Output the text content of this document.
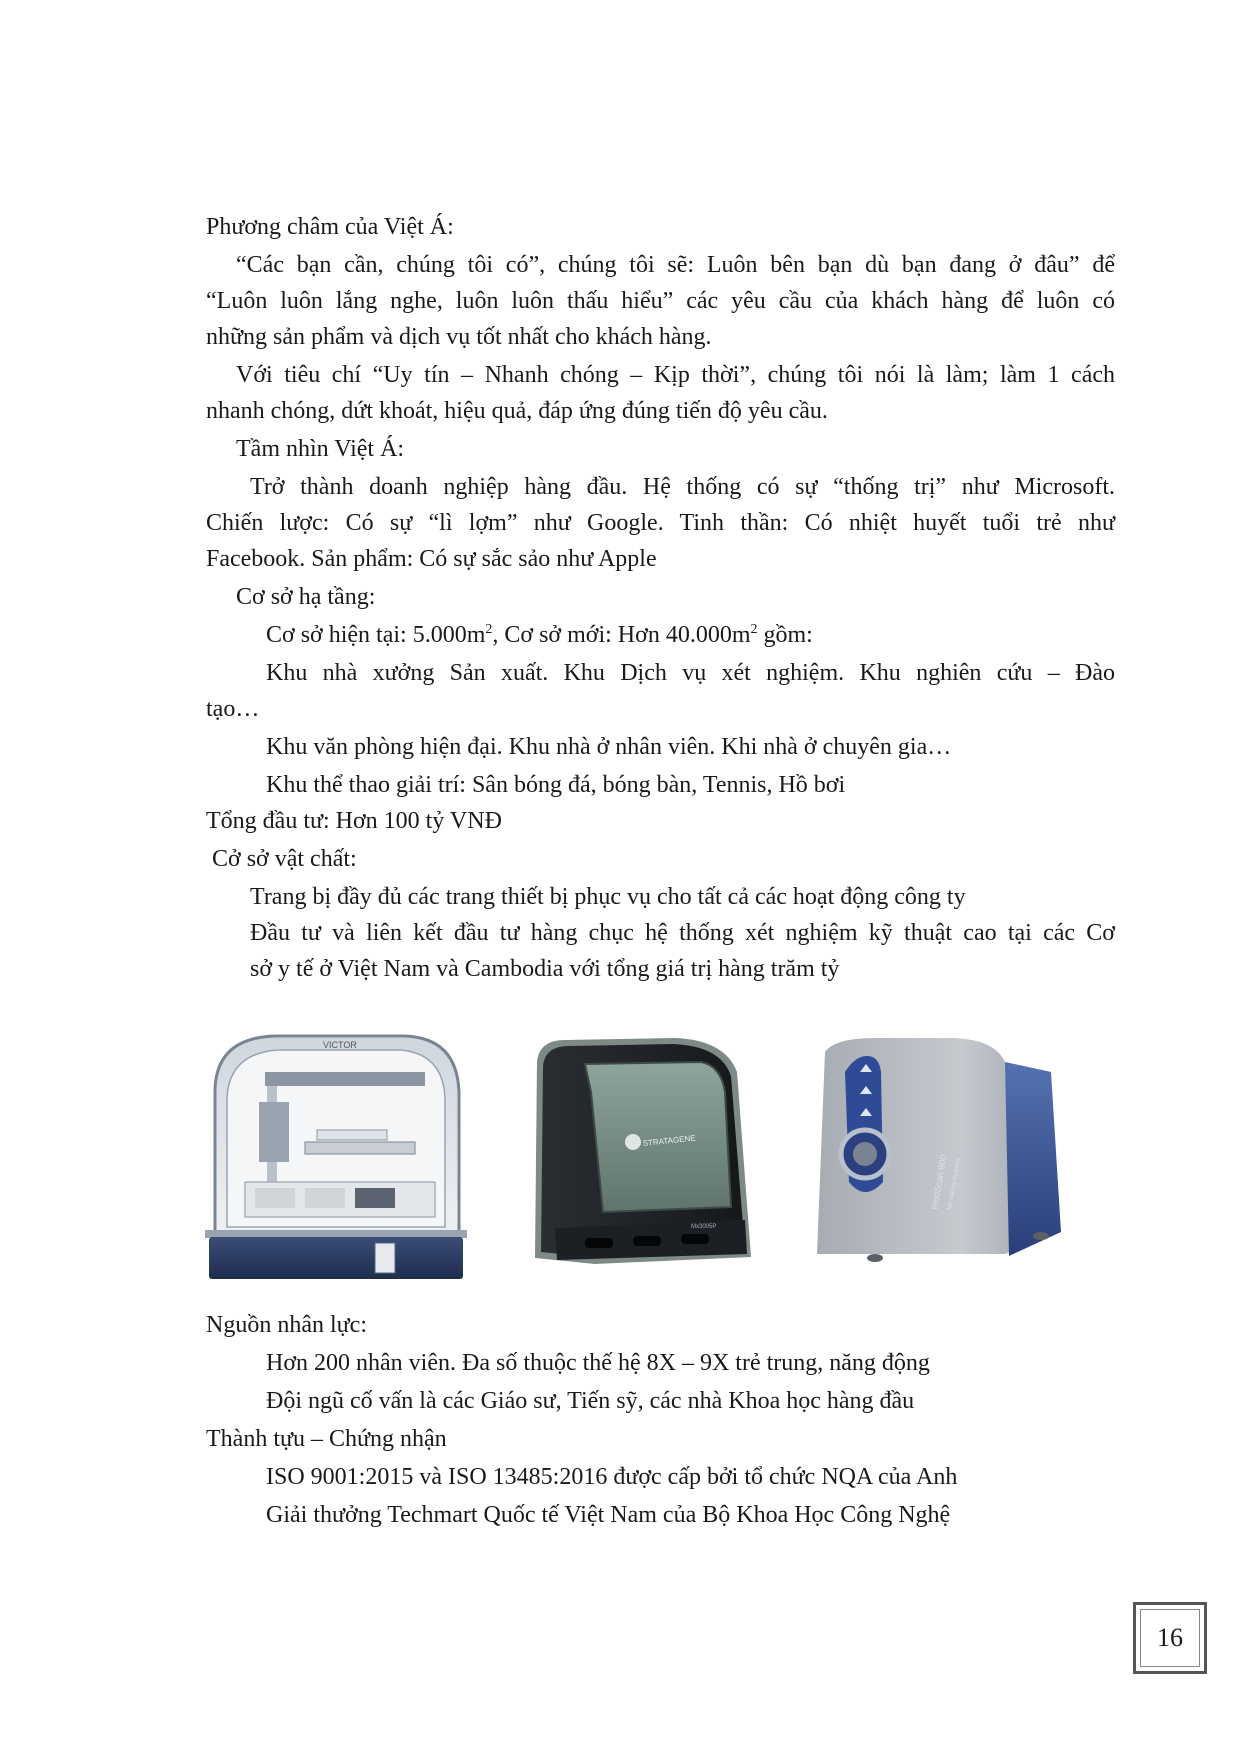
Phương châm của Việt Á:
“Các bạn cần, chúng tôi có”, chúng tôi sẽ: Luôn bên bạn dù bạn đang ở đâu” để
“Luôn luôn lắng nghe, luôn luôn thấu hiểu” các yêu cầu của khách hàng để luôn có
những sản phẩm và dịch vụ tốt nhất cho khách hàng.
Với tiêu chí “Uy tín – Nhanh chóng – Kịp thời”, chúng tôi nói là làm; làm 1 cách
nhanh chóng, dứt khoát, hiệu quả, đáp ứng đúng tiến độ yêu cầu.
Tầm nhìn Việt Á:
Trở thành doanh nghiệp hàng đầu. Hệ thống có sự “thống trị” như Microsoft.
Chiến lược: Có sự “lì lợm” như Google. Tinh thần: Có nhiệt huyết tuổi trẻ như
Facebook. Sản phẩm: Có sự sắc sảo như Apple
Cơ sở hạ tầng:
Cơ sở hiện tại: $5.000m^2$, Cơ sở mới: Hơn $40.000m^2$ gồm:
Khu nhà xưởng Sản xuất. Khu Dịch vụ xét nghiệm. Khu nghiên cứu – Đào
tạo…
Khu văn phòng hiện đại. Khu nhà ở nhân viên. Khi nhà ở chuyên gia…
Khu thể thao giải trí: Sân bóng đá, bóng bàn, Tennis, Hồ bơi
Tổng đầu tư: Hơn 100 tỷ VNĐ
Cở sở vật chất:
Trang bị đầy đủ các trang thiết bị phục vụ cho tất cả các hoạt động công ty
Đầu tư và liên kết đầu tư hàng chục hệ thống xét nghiệm kỹ thuật cao tại các Cơ
sở y tế ở Việt Nam và Cambodia với tổng giá trị hàng trăm tỷ
VICTOR
STRATAGENE
Mx3005P
InnoScan 900
Microarray Scanner
Nguồn nhân lực:
Hơn 200 nhân viên. Đa số thuộc thế hệ 8X – 9X trẻ trung, năng động
Đội ngũ cố vấn là các Giáo sư, Tiến sỹ, các nhà Khoa học hàng đầu
Thành tựu – Chứng nhận
ISO 9001:2015 và ISO 13485:2016 được cấp bởi tổ chức NQA của Anh
Giải thưởng Techmart Quốc tế Việt Nam của Bộ Khoa Học Công Nghệ
16
